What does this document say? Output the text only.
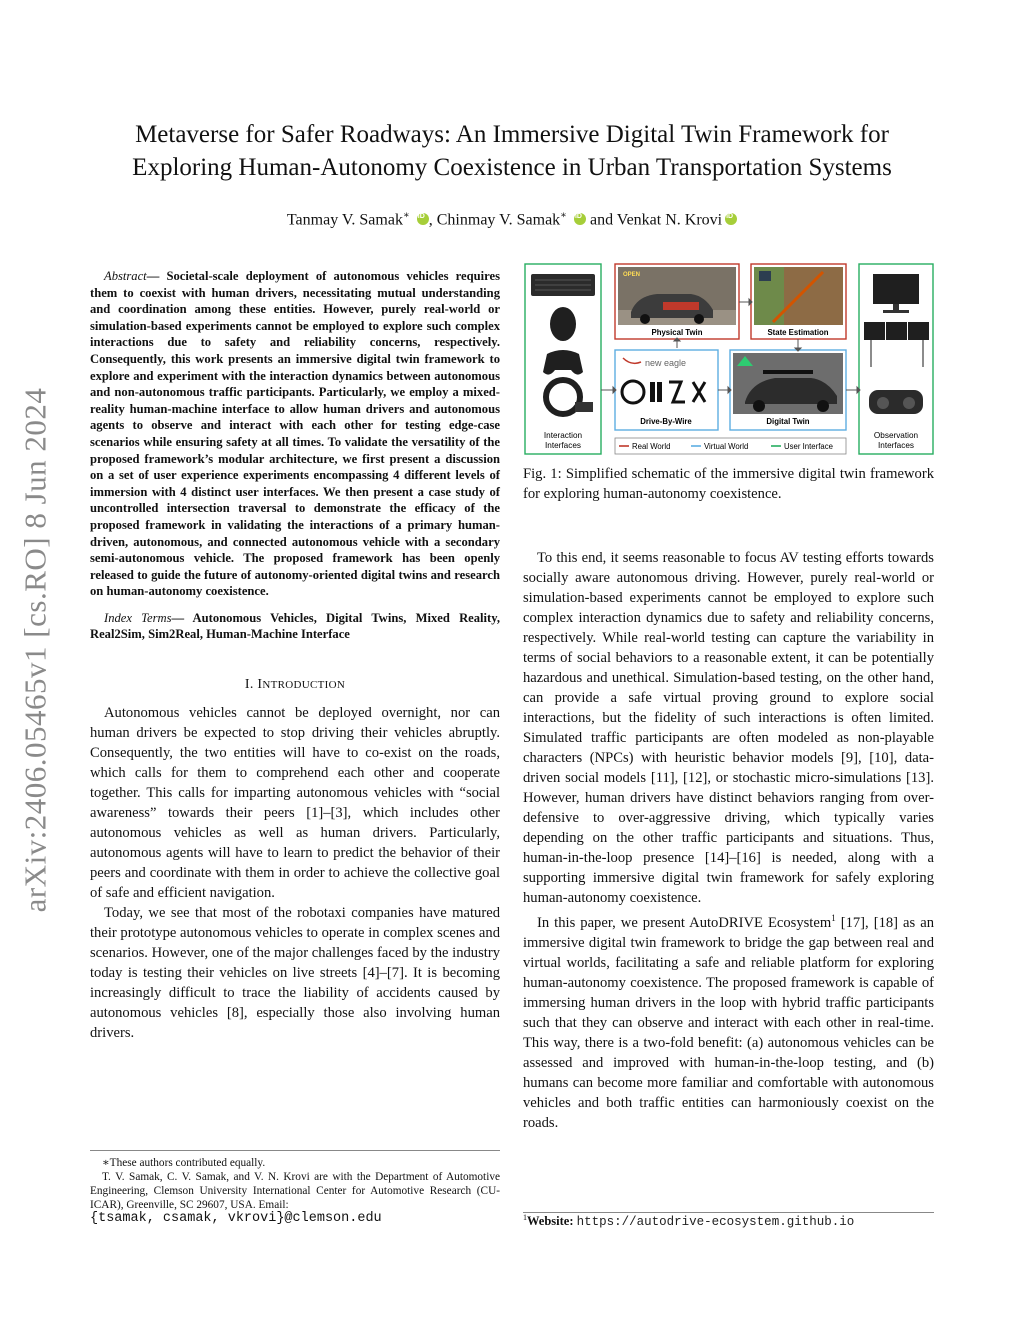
arXiv:2406.05465v1 [cs.RO] 8 Jun 2024
Metaverse for Safer Roadways: An Immersive Digital Twin Framework for
Exploring Human-Autonomy Coexistence in Urban Transportation Systems
Tanmay V. Samak∗ iD , Chinmay V. Samak∗ iD and Venkat N. KroviiD

Abstract— Societal-scale deployment of autonomous vehicles requires them to coexist with human drivers, necessitating mutual understanding and coordination among these entities. However, purely real-world or simulation-based experiments cannot be employed to explore such complex interactions due to safety and reliability concerns, respectively. Consequently, this work presents an immersive digital twin framework to explore and experiment with the interaction dynamics between autonomous and non-autonomous traffic participants. Particularly, we employ a mixed-reality human-machine interface to allow human drivers and autonomous agents to observe and interact with each other for testing edge-case scenarios while ensuring safety at all times. To validate the versatility of the proposed framework’s modular architecture, we first present a discussion on a set of user experience experiments encompassing 4 different levels of immersion with 4 distinct user interfaces. We then present a case study of uncontrolled intersection traversal to demonstrate the efficacy of the proposed framework in validating the interactions of a primary human-driven, autonomous, and connected autonomous vehicle with a secondary semi-autonomous vehicle. The proposed framework has been openly released to guide the future of autonomy-oriented digital twins and research on human-autonomy coexistence.

Index Terms— Autonomous Vehicles, Digital Twins, Mixed Reality, Real2Sim, Sim2Real, Human-Machine Interface

I. INTRODUCTION

Autonomous vehicles cannot be deployed overnight, nor can human drivers be expected to stop driving their vehicles abruptly. Consequently, the two entities will have to co-exist on the roads, which calls for them to comprehend each other and cooperate together. This calls for imparting autonomous vehicles with “social awareness” towards their peers [1]–[3], which includes other autonomous vehicles as well as human drivers. Particularly, autonomous agents will have to learn to predict the behavior of their peers and coordinate with them in order to achieve the collective goal of safe and efficient navigation.

Today, we see that most of the robotaxi companies have matured their prototype autonomous vehicles to operate in complex scenes and scenarios. However, one of the major challenges faced by the industry today is testing their vehicles on live streets [4]–[7]. It is becoming increasingly difficult to trace the liability of accidents caused by autonomous vehicles [8], especially those also involving human drivers.

∗These authors contributed equally.

T. V. Samak, C. V. Samak, and V. N. Krovi are with the Department of Automotive Engineering, Clemson University International Center for Automotive Research (CU-ICAR), Greenville, SC 29607, USA. Email:

{tsamak, csamak, vkrovi}@clemson.edu
Interaction
Interfaces
OPEN
Physical Twin	State Estimation
Observation
Interfaces
new eagle
Drive-By-Wire	Digital Twin
Real World	Virtual World	User Interface
Fig. 1: Simplified schematic of the immersive digital twin framework for exploring human-autonomy coexistence.

To this end, it seems reasonable to focus AV testing efforts towards socially aware autonomous driving. However, purely real-world or simulation-based experiments cannot be employed to explore such complex interaction dynamics due to safety and reliability concerns, respectively. While real-world testing can capture the variability in terms of social behaviors to a reasonable extent, it can be potentially hazardous and unethical. Simulation-based testing, on the other hand, can provide a safe virtual proving ground to explore social interactions, but the fidelity of such interactions is often limited. Simulated traffic participants are often modeled as non-playable characters (NPCs) with heuristic behavior models [9], [10], data-driven social models [11], [12], or stochastic micro-simulations [13]. However, human drivers have distinct behaviors ranging from over-defensive to over-aggressive driving, which typically varies depending on the other traffic participants and situations. Thus, human-in-the-loop presence [14]–[16] is needed, along with a supporting immersive digital twin framework for safely exploring human-autonomy coexistence.

In this paper, we present AutoDRIVE Ecosystem$^1$ [17], [18] as an immersive digital twin framework to bridge the gap between real and virtual worlds, facilitating a safe and reliable platform for exploring human-autonomy coexistence. The proposed framework is capable of immersing human drivers in the loop with hybrid traffic participants such that they can observe and interact with each other in real-time. This way, there is a two-fold benefit: (a) autonomous vehicles can be assessed and improved with human-in-the-loop testing, and (b) humans can become more familiar and comfortable with autonomous vehicles and both traffic entities can harmoniously coexist on the roads.

$^1$Website: https://autodrive-ecosystem.github.io
